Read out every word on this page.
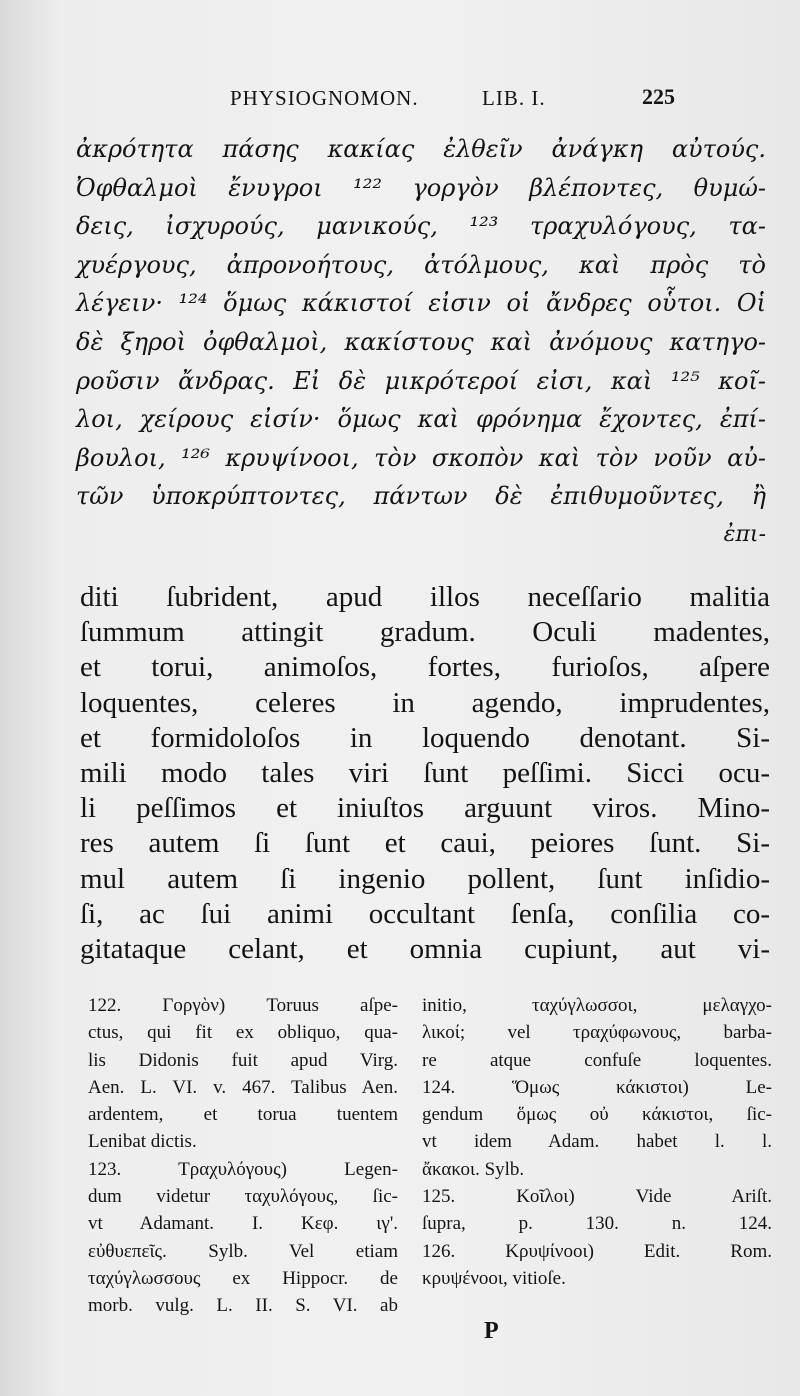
PHYSIOGNOMON.	LIB. I.	225
ἀκρότητα πάσης κακίας ἐλθεῖν ἀνάγκη αὐτούς.
Ὀφθαλμοὶ ἔνυγροι ¹²² γοργὸν βλέποντες, θυμώ-
δεις, ἰσχυρούς, μανικούς, ¹²³ τραχυλόγους, τα-
χυέργους, ἀπρονοήτους, ἀτόλμους, καὶ πρὸς τὸ
λέγειν· ¹²⁴ ὅμως κάκιστοί εἰσιν οἱ ἄνδρες οὗτοι. Οἱ
δὲ ξηροὶ ὀφθαλμοὶ, κακίστους καὶ ἀνόμους κατηγο-
ροῦσιν ἄνδρας. Εἰ δὲ μικρότεροί εἰσι, καὶ ¹²⁵ κοῖ-
λοι, χείρους εἰσίν· ὅμως καὶ φρόνημα ἔχοντες, ἐπί-
βουλοι, ¹²⁶ κρυψίνοοι, τὸν σκοπὸν καὶ τὸν νοῦν αὐ-
τῶν ὑποκρύπτοντες, πάντων δὲ ἐπιθυμοῦντες, ἢ
ἐπι-
diti ſubrident, apud illos neceſſario malitia
ſummum attingit gradum. Oculi madentes,
et torui, animoſos, fortes, furioſos, aſpere
loquentes, celeres in agendo, imprudentes,
et formidoloſos in loquendo denotant. Si-
mili modo tales viri ſunt peſſimi. Sicci ocu-
li peſſimos et iniuſtos arguunt viros. Mino-
res autem ſi ſunt et caui, peiores ſunt. Si-
mul autem ſi ingenio pollent, ſunt inſidio-
ſi, ac ſui animi occultant ſenſa, conſilia co-
gitataque celant, et omnia cupiunt, aut vi-
122. Γοργὸν) Toruus aſpe-
ctus, qui fit ex obliquo, qua-
lis Didonis fuit apud Virg.
Aen. L. VI. v. 467. Talibus Aen.
ardentem, et torua tuentem
Lenibat dictis.
123. Τραχυλόγους) Legen-
dum videtur ταχυλόγους, ſic-
vt Adamant. I. Κεφ. ιγ'.
εὐθυεπεῖς. Sylb. Vel etiam
ταχύγλωσσους ex Hippocr. de
morb. vulg. L. II. S. VI. ab
initio, ταχύγλωσσοι, μελαγχο-
λικοί; vel τραχύφωνους, barba-
re atque confuſe loquentes.
124. Ὅμως κάκιστοι) Le-
gendum ὅμως οὐ κάκιστοι, ſic-
vt idem Adam. habet l. l.
ἄκακοι. Sylb.
125. Κοῖλοι) Vide Ariſt.
ſupra, p. 130. n. 124.
126. Κρυψίνοοι) Edit. Rom.
κρυψένοοι, vitioſe.
P
